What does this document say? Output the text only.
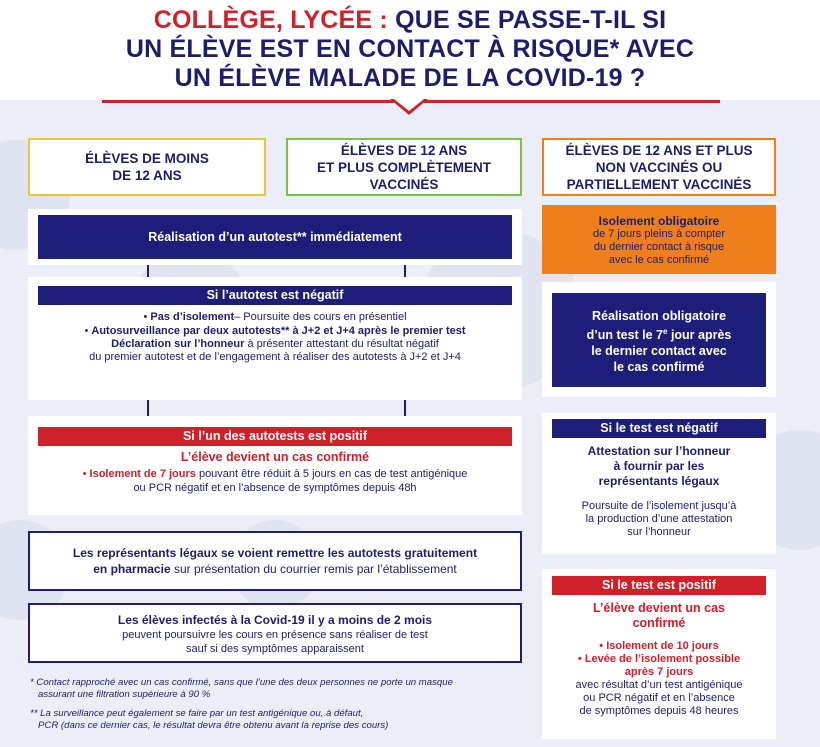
COLLÈGE, LYCÉE : QUE SE PASSE-T-IL SI
UN ÉLÈVE EST EN CONTACT À RISQUE* AVEC
UN ÉLÈVE MALADE DE LA COVID-19 ?
ÉLÈVES DE MOINS
DE 12 ANS
ÉLÈVES DE 12 ANS
ET PLUS COMPLÈTEMENT
VACCINÉS
ÉLÈVES DE 12 ANS ET PLUS
NON VACCINÉS OU
PARTIELLEMENT VACCINÉS
Réalisation d’un autotest** immédiatement
Si l’autotest est négatif
• Pas d’isolement– Poursuite des cours en présentiel
• Autosurveillance par deux autotests** à J+2 et J+4 après le premier test
Déclaration sur l’honneur à présenter attestant du résultat négatif
du premier autotest et de l’engagement à réaliser des autotests à J+2 et J+4
Si l’un des autotests est positif
L’élève devient un cas confirmé
• Isolement de 7 jours pouvant être réduit à 5 jours en cas de test antigénique
ou PCR négatif et en l’absence de symptômes depuis 48h
Les représentants légaux se voient remettre les autotests gratuitement
en pharmacie sur présentation du courrier remis par l’établissement
Les élèves infectés à la Covid-19 il y a moins de 2 mois
peuvent poursuivre les cours en présence sans réaliser de test
sauf si des symptômes apparaissent
* Contact rapproché avec un cas confirmé, sans que l’une des deux personnes ne porte un masque
assurant une filtration supérieure à 90 %
** La surveillance peut également se faire par un test antigénique ou, à défaut,
PCR (dans ce dernier cas, le résultat devra être obtenu avant la reprise des cours)
Isolement obligatoire
de 7 jours pleins à compter
du dernier contact à risque
avec le cas confirmé
Réalisation obligatoire
d’un test le 7e jour après
le dernier contact avec
le cas confirmé
Si le test est négatif
Attestation sur l’honneur
à fournir par les
représentants légaux
Poursuite de l’isolement jusqu’à
la production d’une attestation
sur l’honneur
Si le test est positif
L’élève devient un cas
confirmé
• Isolement de 10 jours
• Levée de l’isolement possible
après 7 jours
avec résultat d’un test antigénique
ou PCR négatif et en l’absence
de symptômes depuis 48 heures
